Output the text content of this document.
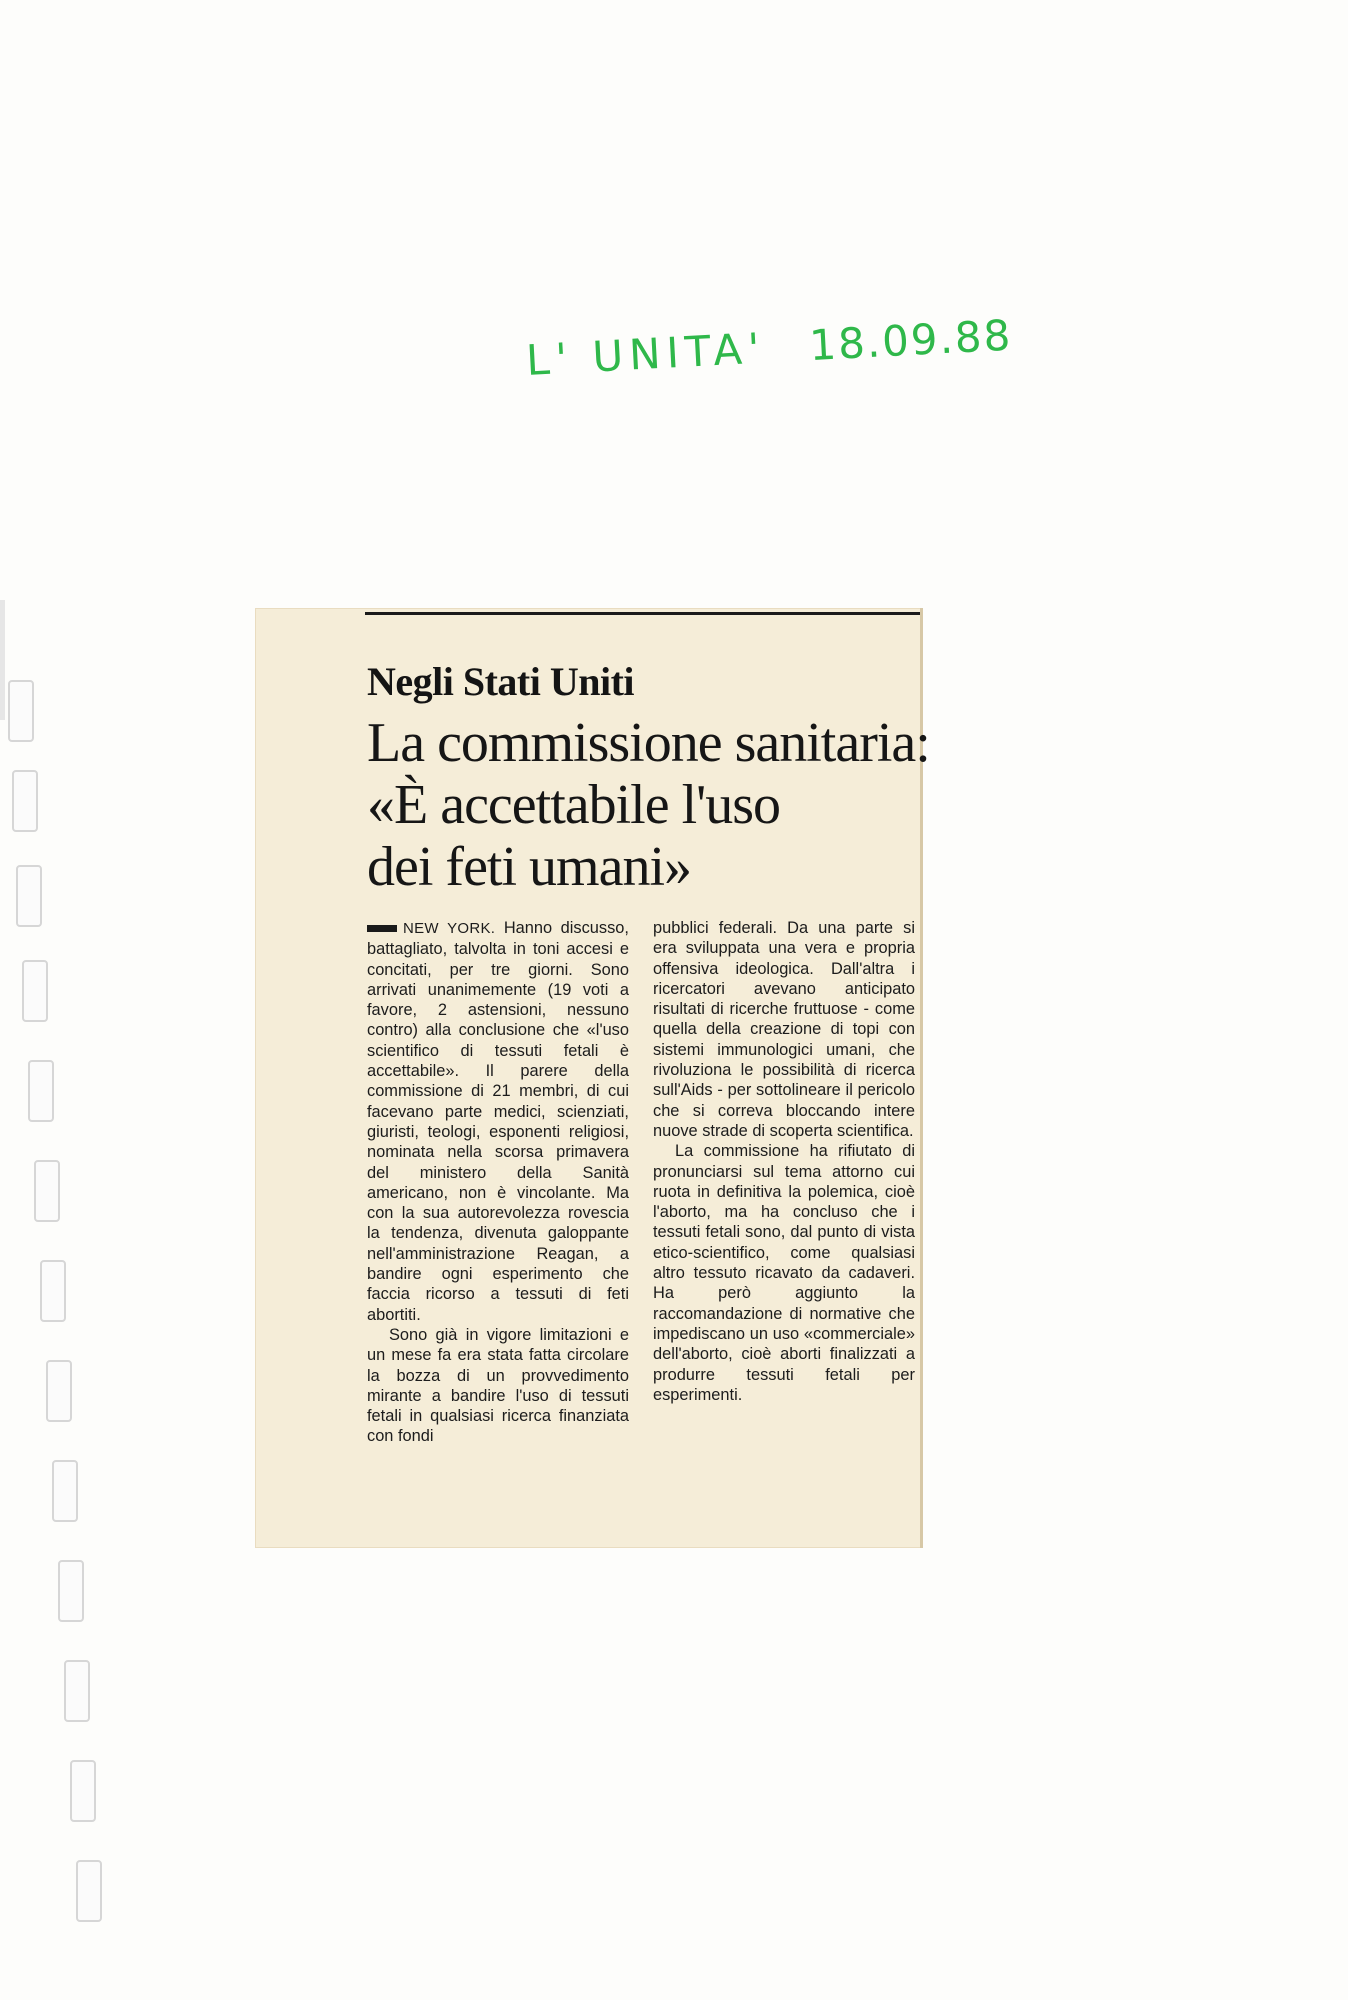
L' UNITA' 18.09.88
Negli Stati Uniti
La commissione sanitaria:
«È accettabile l'uso
dei feti umani»

NEW YORK. Hanno discusso, battagliato, talvolta in toni accesi e concitati, per tre giorni. Sono arrivati unanimemente (19 voti a favore, 2 astensioni, nessuno contro) alla conclusione che «l'uso scientifico di tessuti fetali è accettabile». Il parere della commissione di 21 membri, di cui facevano parte medici, scienziati, giuristi, teologi, esponenti religiosi, nominata nella scorsa primavera del ministero della Sanità americano, non è vincolante. Ma con la sua autorevolezza rovescia la tendenza, divenuta galoppante nell'amministrazione Reagan, a bandire ogni esperimento che faccia ricorso a tessuti di feti abortiti.

Sono già in vigore limitazioni e un mese fa era stata fatta circolare la bozza di un provvedimento mirante a bandire l'uso di tessuti fetali in qualsiasi ricerca finanziata con fondi

pubblici federali. Da una parte si era sviluppata una vera e propria offensiva ideologica. Dall'altra i ricercatori avevano anticipato risultati di ricerche fruttuose - come quella della creazione di topi con sistemi immunologici umani, che rivoluziona le possibilità di ricerca sull'Aids - per sottolineare il pericolo che si correva bloccando intere nuove strade di scoperta scientifica.

La commissione ha rifiutato di pronunciarsi sul tema attorno cui ruota in definitiva la polemica, cioè l'aborto, ma ha concluso che i tessuti fetali sono, dal punto di vista etico-scientifico, come qualsiasi altro tessuto ricavato da cadaveri. Ha però aggiunto la raccomandazione di normative che impediscano un uso «commerciale» dell'aborto, cioè aborti finalizzati a produrre tessuti fetali per esperimenti.
